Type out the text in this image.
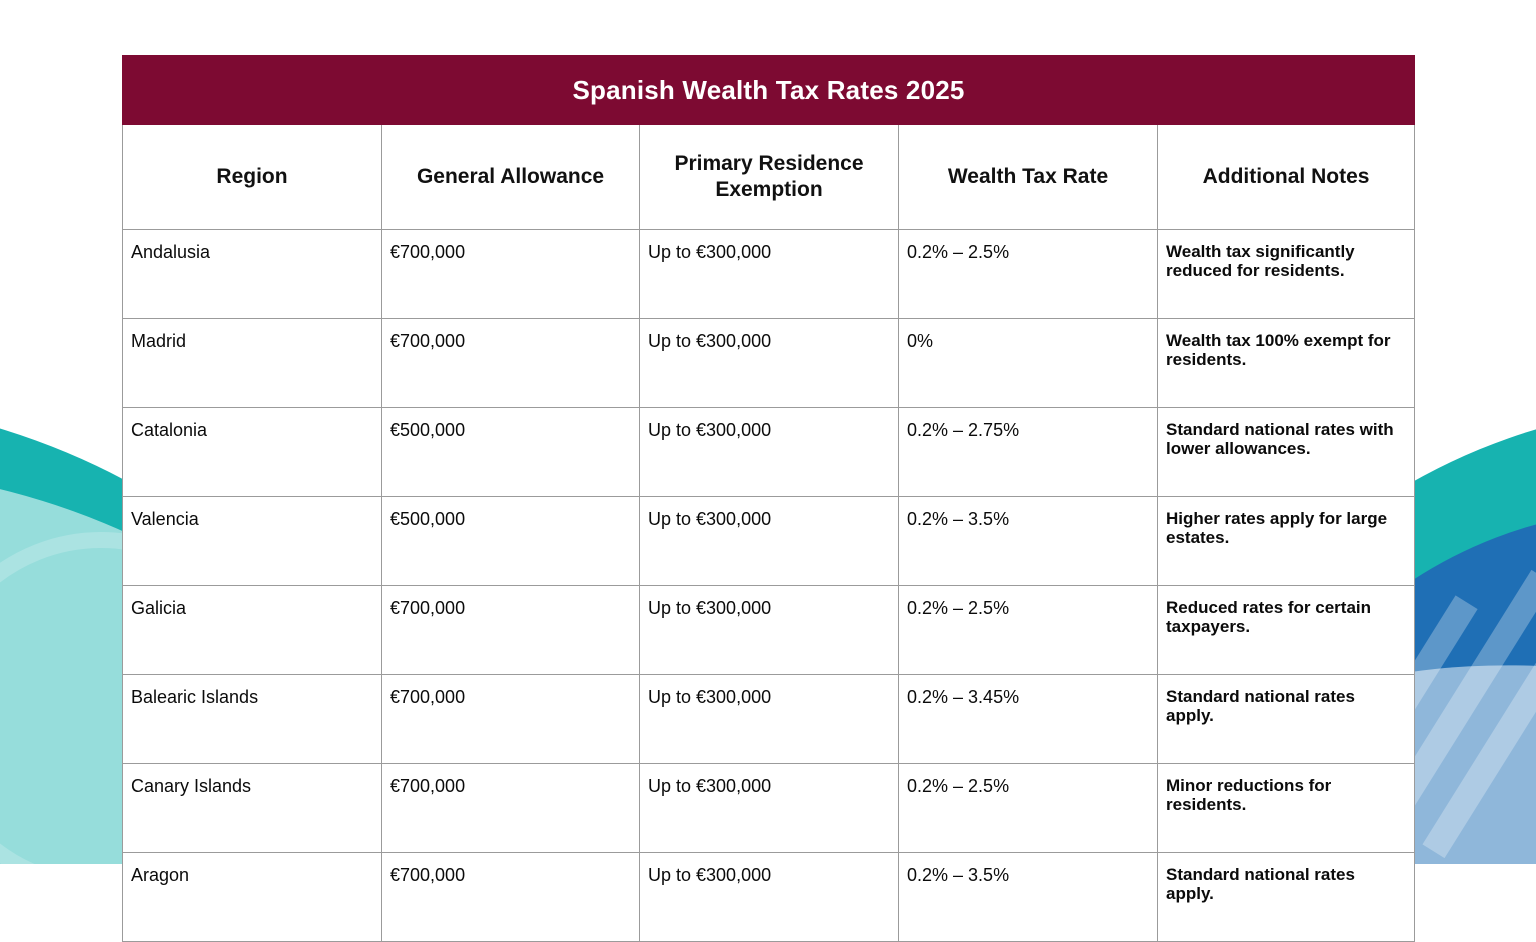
Spanish Wealth Tax Rates 2025				
Region	General Allowance	Primary Residence Exemption	Wealth Tax Rate	Additional Notes
Andalusia	€700,000	Up to €300,000	0.2% – 2.5%	Wealth tax significantly reduced for residents.
Madrid	€700,000	Up to €300,000	0%	Wealth tax 100% exempt for residents.
Catalonia	€500,000	Up to €300,000	0.2% – 2.75%	Standard national rates with lower allowances.
Valencia	€500,000	Up to €300,000	0.2% – 3.5%	Higher rates apply for large estates.
Galicia	€700,000	Up to €300,000	0.2% – 2.5%	Reduced rates for certain taxpayers.
Balearic Islands	€700,000	Up to €300,000	0.2% – 3.45%	Standard national rates apply.
Canary Islands	€700,000	Up to €300,000	0.2% – 2.5%	Minor reductions for residents.
Aragon	€700,000	Up to €300,000	0.2% – 3.5%	Standard national rates apply.
